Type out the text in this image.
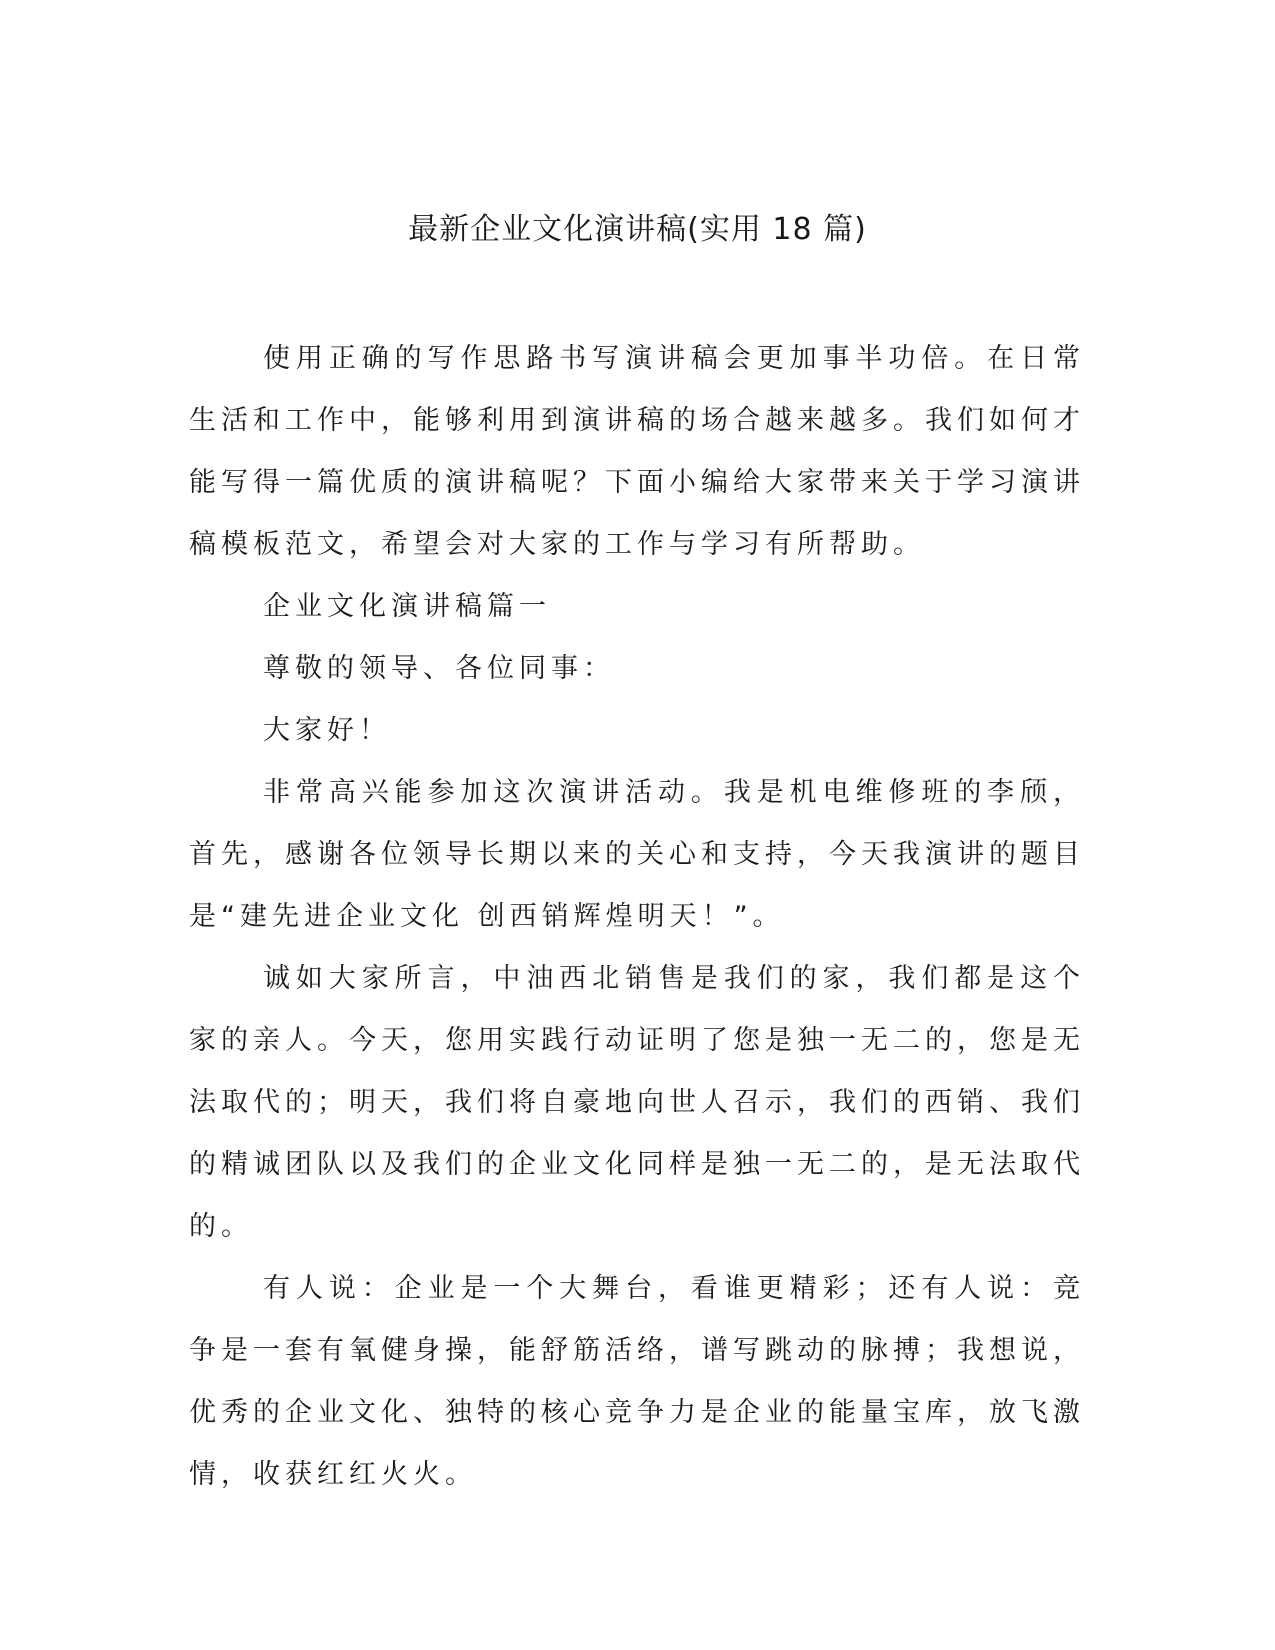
最新企业文化演讲稿(实用 18 篇)

使用正确的写作思路书写演讲稿会更加事半功倍。在日常生活和工作中，能够利用到演讲稿的场合越来越多。我们如何才能写得一篇优质的演讲稿呢？下面小编给大家带来关于学习演讲稿模板范文，希望会对大家的工作与学习有所帮助。

企业文化演讲稿篇一

尊敬的领导、各位同事：

大家好！

非常高兴能参加这次演讲活动。我是机电维修班的李颀，首先，感谢各位领导长期以来的关心和支持，今天我演讲的题目是“建先进企业文化 创西销辉煌明天！”。

诚如大家所言，中油西北销售是我们的家，我们都是这个家的亲人。今天，您用实践行动证明了您是独一无二的，您是无法取代的；明天，我们将自豪地向世人召示，我们的西销、我们的精诚团队以及我们的企业文化同样是独一无二的，是无法取代的。

有人说：企业是一个大舞台，看谁更精彩；还有人说：竞争是一套有氧健身操，能舒筋活络，谱写跳动的脉搏；我想说，优秀的企业文化、独特的核心竞争力是企业的能量宝库，放飞激情，收获红红火火。
